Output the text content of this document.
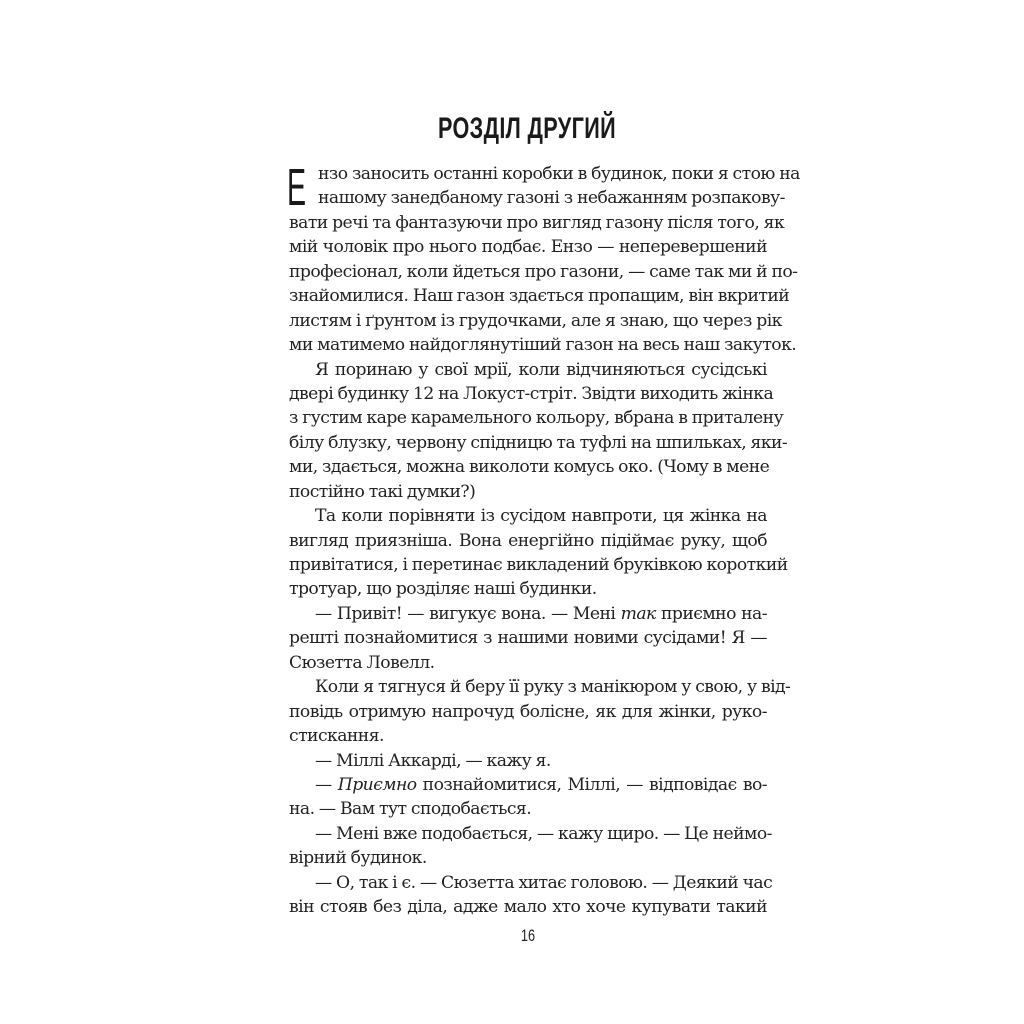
РОЗДІЛ ДРУГИЙ
Е нзо заносить останні коробки в будинок, поки я стою на
нашому занедбаному газоні з небажанням розпакову-
вати речі та фантазуючи про вигляд газону після того, як
мій чоловік про нього подбає. Ензо — неперевершений
професіонал, коли йдеться про газони, — саме так ми й по-
знайомилися. Наш газон здається пропащим, він вкритий
листям і ґрунтом із грудочками, але я знаю, що через рік
ми матимемо найдоглянутіший газон на весь наш закуток.
Я поринаю у свої мрії, коли відчиняються сусідські
двері будинку 12 на Локуст-стріт. Звідти виходить жінка
з густим каре карамельного кольору, вбрана в приталену
білу блузку, червону спідницю та туфлі на шпильках, яки-
ми, здається, можна виколоти комусь око. (Чому в мене
постійно такі думки?)
Та коли порівняти із сусідом навпроти, ця жінка на
вигляд приязніша. Вона енергійно підіймає руку, щоб
привітатися, і перетинає викладений бруківкою короткий
тротуар, що розділяє наші будинки.
— Привіт! — вигукує вона. — Мені так приємно на-
решті познайомитися з нашими новими сусідами! Я —
Сюзетта Ловелл.
Коли я тягнуся й беру її руку з манікюром у свою, у від-
повідь отримую напрочуд болісне, як для жінки, руко-
стискання.
— Міллі Аккарді, — кажу я.
— Приємно познайомитися, Міллі, — відповідає во-
на. — Вам тут сподобається.
— Мені вже подобається, — кажу щиро. — Це неймо-
вірний будинок.
— О, так і є. — Сюзетта хитає головою. — Деякий час
він стояв без діла, адже мало хто хоче купувати такий
16
